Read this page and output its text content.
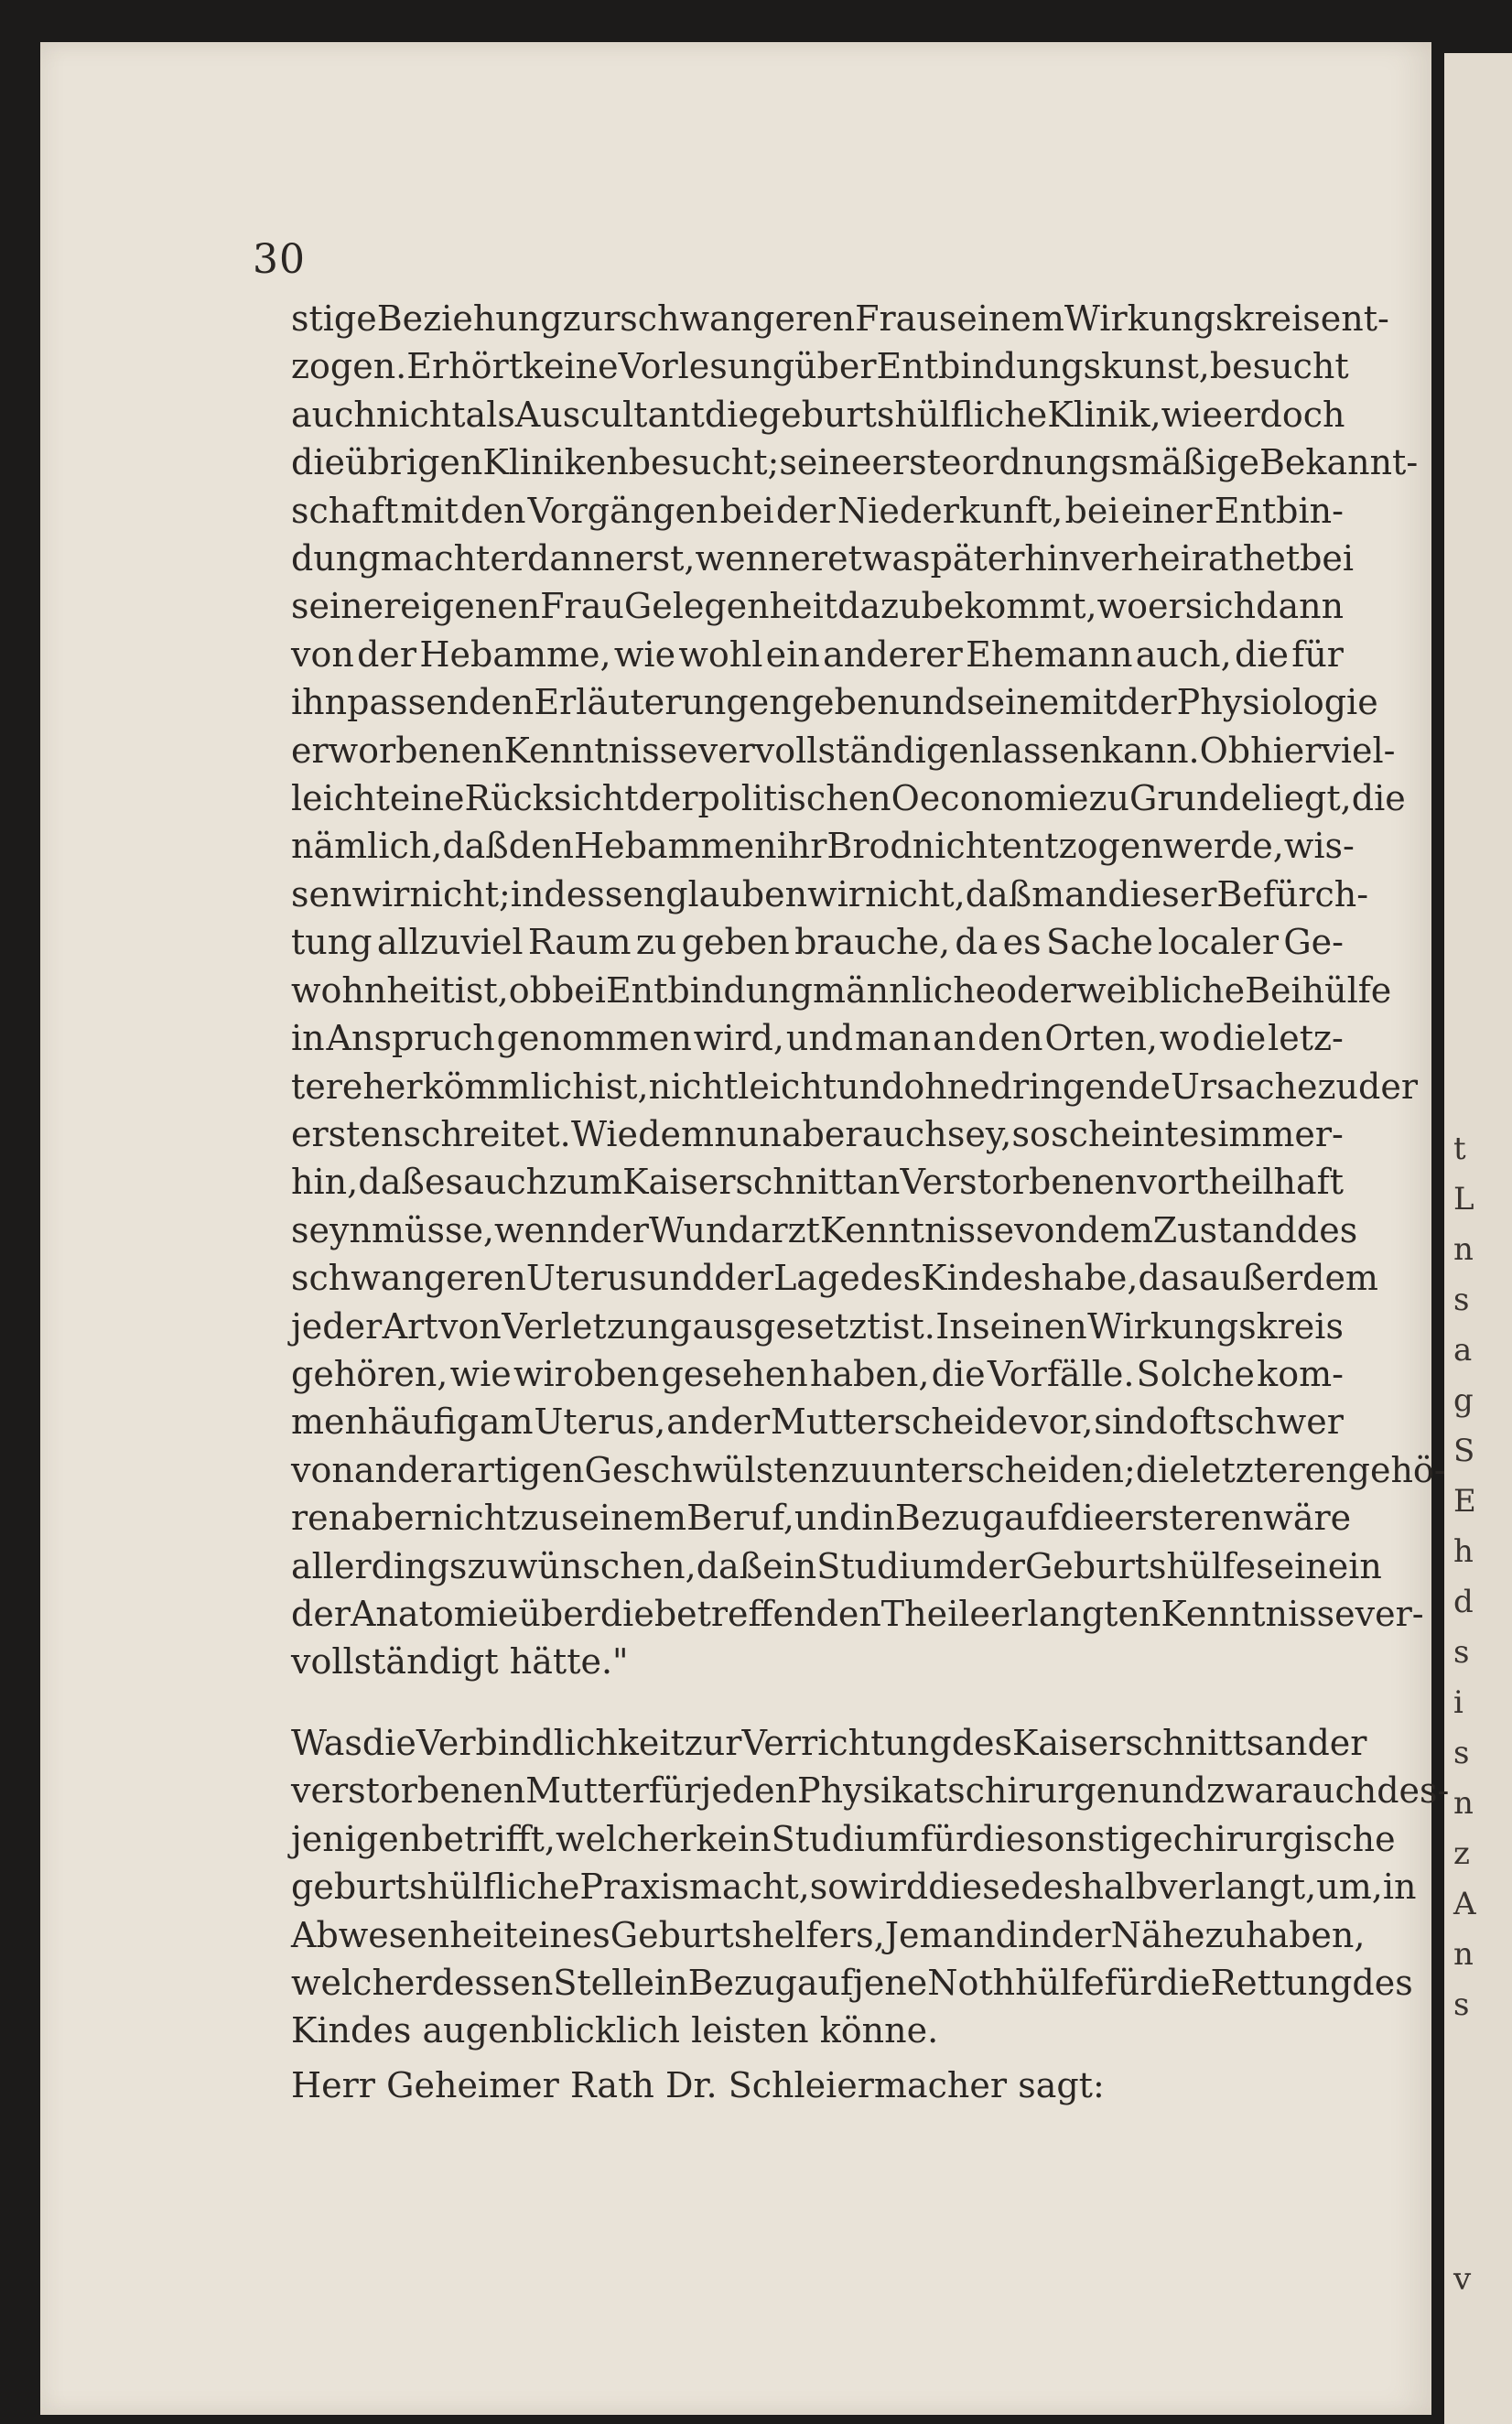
30
t
L
n
s
a
g
S
E
h
d
s
i
s
n
z
A
n
s
v
stige Beziehung zur schwangeren Frau seinem Wirkungskreis ent-
zogen. Er hört keine Vorlesung über Entbindungskunst, besucht
auch nicht als Auscultant die geburtshülfliche Klinik, wie er doch
die übrigen Kliniken besucht; seine erste ordnungsmäßige Bekannt-
schaft mit den Vorgängen bei der Niederkunft, bei einer Entbin-
dung macht er dann erst, wenn er etwa späterhin verheirathet bei
seiner eigenen Frau Gelegenheit dazu bekommt, wo er sich dann
von der Hebamme, wie wohl ein anderer Ehemann auch, die für
ihn passenden Erläuterungen geben und seine mit der Physiologie
erworbenen Kenntnisse vervollständigen lassen kann. Ob hier viel-
leicht eine Rücksicht der politischen Oeconomie zu Grunde liegt, die
nämlich, daß den Hebammen ihr Brod nicht entzogen werde, wis-
sen wir nicht; indessen glauben wir nicht, daß man dieser Befürch-
tung allzuviel Raum zu geben brauche, da es Sache localer Ge-
wohnheit ist, ob bei Entbindung männliche oder weibliche Beihülfe
in Anspruch genommen wird, und man an den Orten, wo die letz-
tere herkömmlich ist, nicht leicht und ohne dringende Ursache zu der
ersten schreitet. Wie dem nun aber auch sey, so scheint es immer-
hin, daß es auch zum Kaiserschnitt an Verstorbenen vortheilhaft
seyn müsse, wenn der Wundarzt Kenntnisse von dem Zustand des
schwangeren Uterus und der Lage des Kindes habe, das außerdem
jeder Art von Verletzung ausgesetzt ist. In seinen Wirkungskreis
gehören, wie wir oben gesehen haben, die Vorfälle. Solche kom-
men häufig am Uterus, an der Mutterscheide vor, sind oft schwer
von anderartigen Geschwülsten zu unterscheiden; die letzteren gehö-
ren aber nicht zu seinem Beruf, und in Bezug auf die ersteren wäre
allerdings zu wünschen, daß ein Studium der Geburtshülfe seine in
der Anatomie über die betreffenden Theile erlangten Kenntnisse ver-
vollständigt hätte."
Was die Verbindlichkeit zur Verrichtung des Kaiserschnitts an der
verstorbenen Mutter für jeden Physikatschirurgen und zwar auch des-
jenigen betrifft, welcher kein Studium für die sonstige chirurgische
geburtshülfliche Praxis macht, so wird diese deshalb verlangt, um, in
Abwesenheit eines Geburtshelfers, Jemand in der Nähe zu haben,
welcher dessen Stelle in Bezug auf jene Nothhülfe für die Rettung des
Kindes augenblicklich leisten könne.
Herr Geheimer Rath Dr. Schleiermacher sagt:
